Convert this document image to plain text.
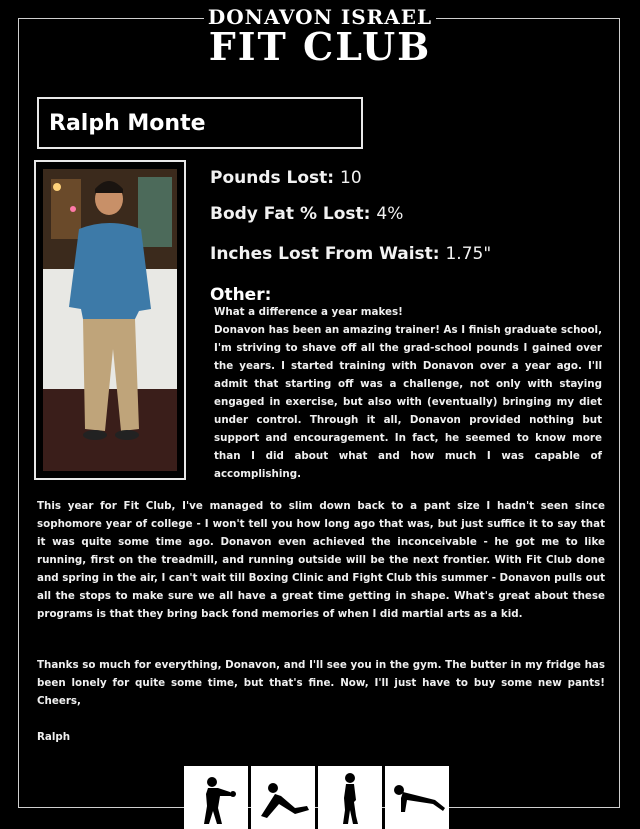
DONAVON ISRAEL
FIT CLUB
Ralph Monte
Pounds Lost: 10
Body Fat % Lost: 4%
Inches Lost From Waist: 1.75"
Other:

What a difference a year makes!

Donavon has been an amazing trainer! As I finish graduate school, I'm striving to shave off all the grad-school pounds I gained over the years. I started training with Donavon over a year ago. I'll admit that starting off was a challenge, not only with staying engaged in exercise, but also with (eventually) bringing my diet under control. Through it all, Donavon provided nothing but support and encouragement. In fact, he seemed to know more than I did about what and how much I was capable of accomplishing.

This year for Fit Club, I've managed to slim down back to a pant size I hadn't seen since sophomore year of college - I won't tell you how long ago that was, but just suffice it to say that it was quite some time ago. Donavon even achieved the inconceivable - he got me to like running, first on the treadmill, and running outside will be the next frontier. With Fit Club done and spring in the air, I can't wait till Boxing Clinic and Fight Club this summer - Donavon pulls out all the stops to make sure we all have a great time getting in shape. What's great about these programs is that they bring back fond memories of when I did martial arts as a kid.

Thanks so much for everything, Donavon, and I'll see you in the gym. The butter in my fridge has been lonely for quite some time, but that's fine. Now, I'll just have to buy some new pants! Cheers,

Ralph
